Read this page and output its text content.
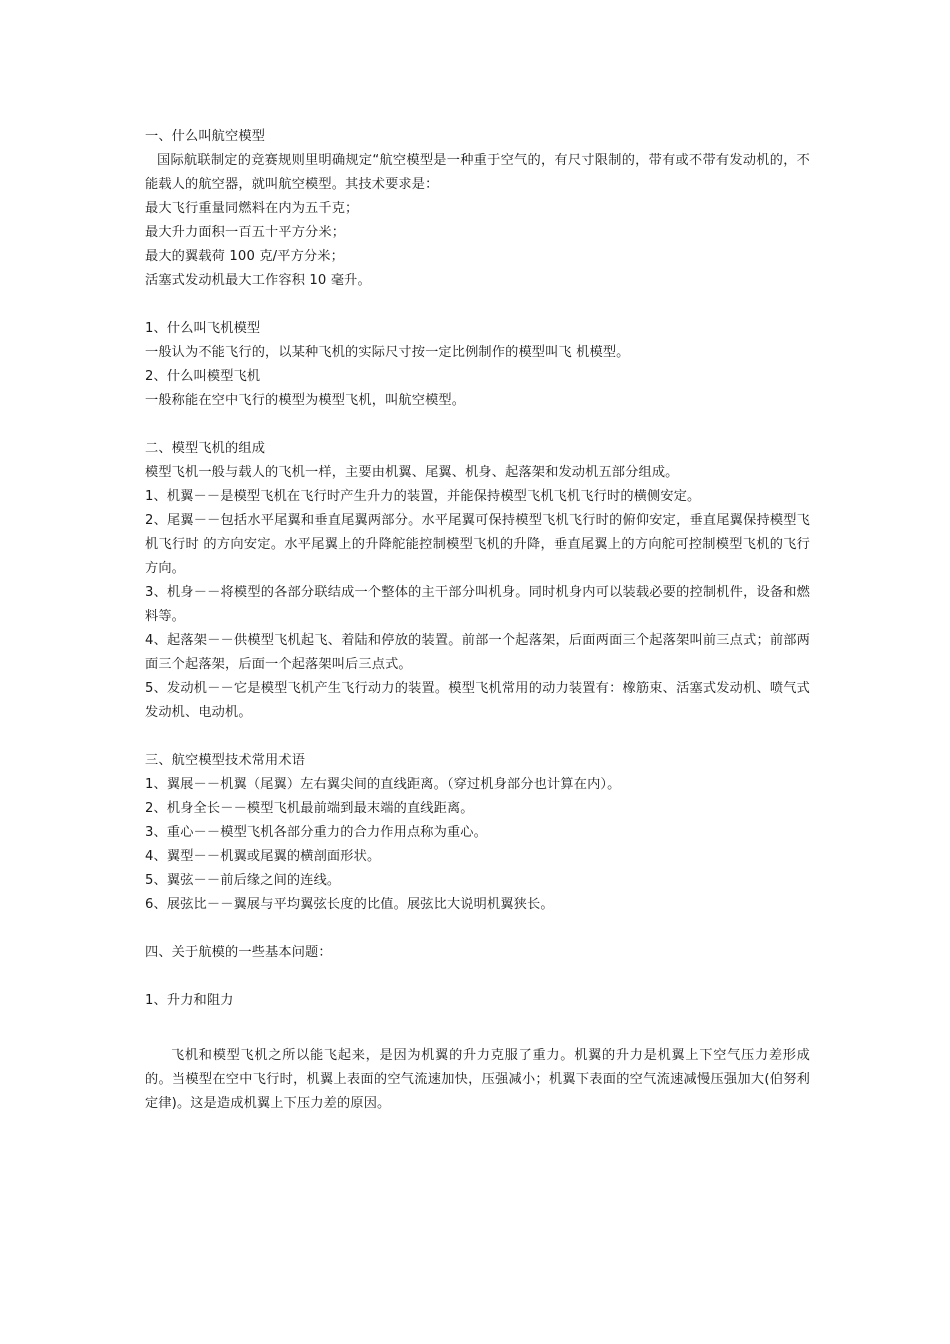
一、什么叫航空模型

国际航联制定的竞赛规则里明确规定“航空模型是一种重于空气的，有尺寸限制的，带有或不带有发动机的，不能载人的航空器，就叫航空模型。其技术要求是：

最大飞行重量同燃料在内为五千克；

最大升力面积一百五十平方分米；

最大的翼载荷 100 克/平方分米；

活塞式发动机最大工作容积 10 毫升。

1、什么叫飞机模型

一般认为不能飞行的，以某种飞机的实际尺寸按一定比例制作的模型叫飞 机模型。

2、什么叫模型飞机

一般称能在空中飞行的模型为模型飞机，叫航空模型。

二、模型飞机的组成

模型飞机一般与载人的飞机一样，主要由机翼、尾翼、机身、起落架和发动机五部分组成。

1、机翼－－是模型飞机在飞行时产生升力的装置，并能保持模型飞机飞机飞行时的横侧安定。

2、尾翼－－包括水平尾翼和垂直尾翼两部分。水平尾翼可保持模型飞机飞行时的俯仰安定，垂直尾翼保持模型飞机飞行时 的方向安定。水平尾翼上的升降舵能控制模型飞机的升降，垂直尾翼上的方向舵可控制模型飞机的飞行方向。

3、机身－－将模型的各部分联结成一个整体的主干部分叫机身。同时机身内可以装载必要的控制机件，设备和燃料等。

4、起落架－－供模型飞机起飞、着陆和停放的装置。前部一个起落架，后面两面三个起落架叫前三点式；前部两面三个起落架，后面一个起落架叫后三点式。

5、发动机－－它是模型飞机产生飞行动力的装置。模型飞机常用的动力装置有：橡筋束、活塞式发动机、喷气式发动机、电动机。

三、航空模型技术常用术语

1、翼展－－机翼（尾翼）左右翼尖间的直线距离。（穿过机身部分也计算在内）。

2、机身全长－－模型飞机最前端到最末端的直线距离。

3、重心－－模型飞机各部分重力的合力作用点称为重心。

4、翼型－－机翼或尾翼的横剖面形状。

5、翼弦－－前后缘之间的连线。

6、展弦比－－翼展与平均翼弦长度的比值。展弦比大说明机翼狭长。

四、关于航模的一些基本问题：

1、升力和阻力

飞机和模型飞机之所以能飞起来，是因为机翼的升力克服了重力。机翼的升力是机翼上下空气压力差形成的。当模型在空中飞行时，机翼上表面的空气流速加快，压强减小；机翼下表面的空气流速减慢压强加大(伯努利定律)。这是造成机翼上下压力差的原因。
